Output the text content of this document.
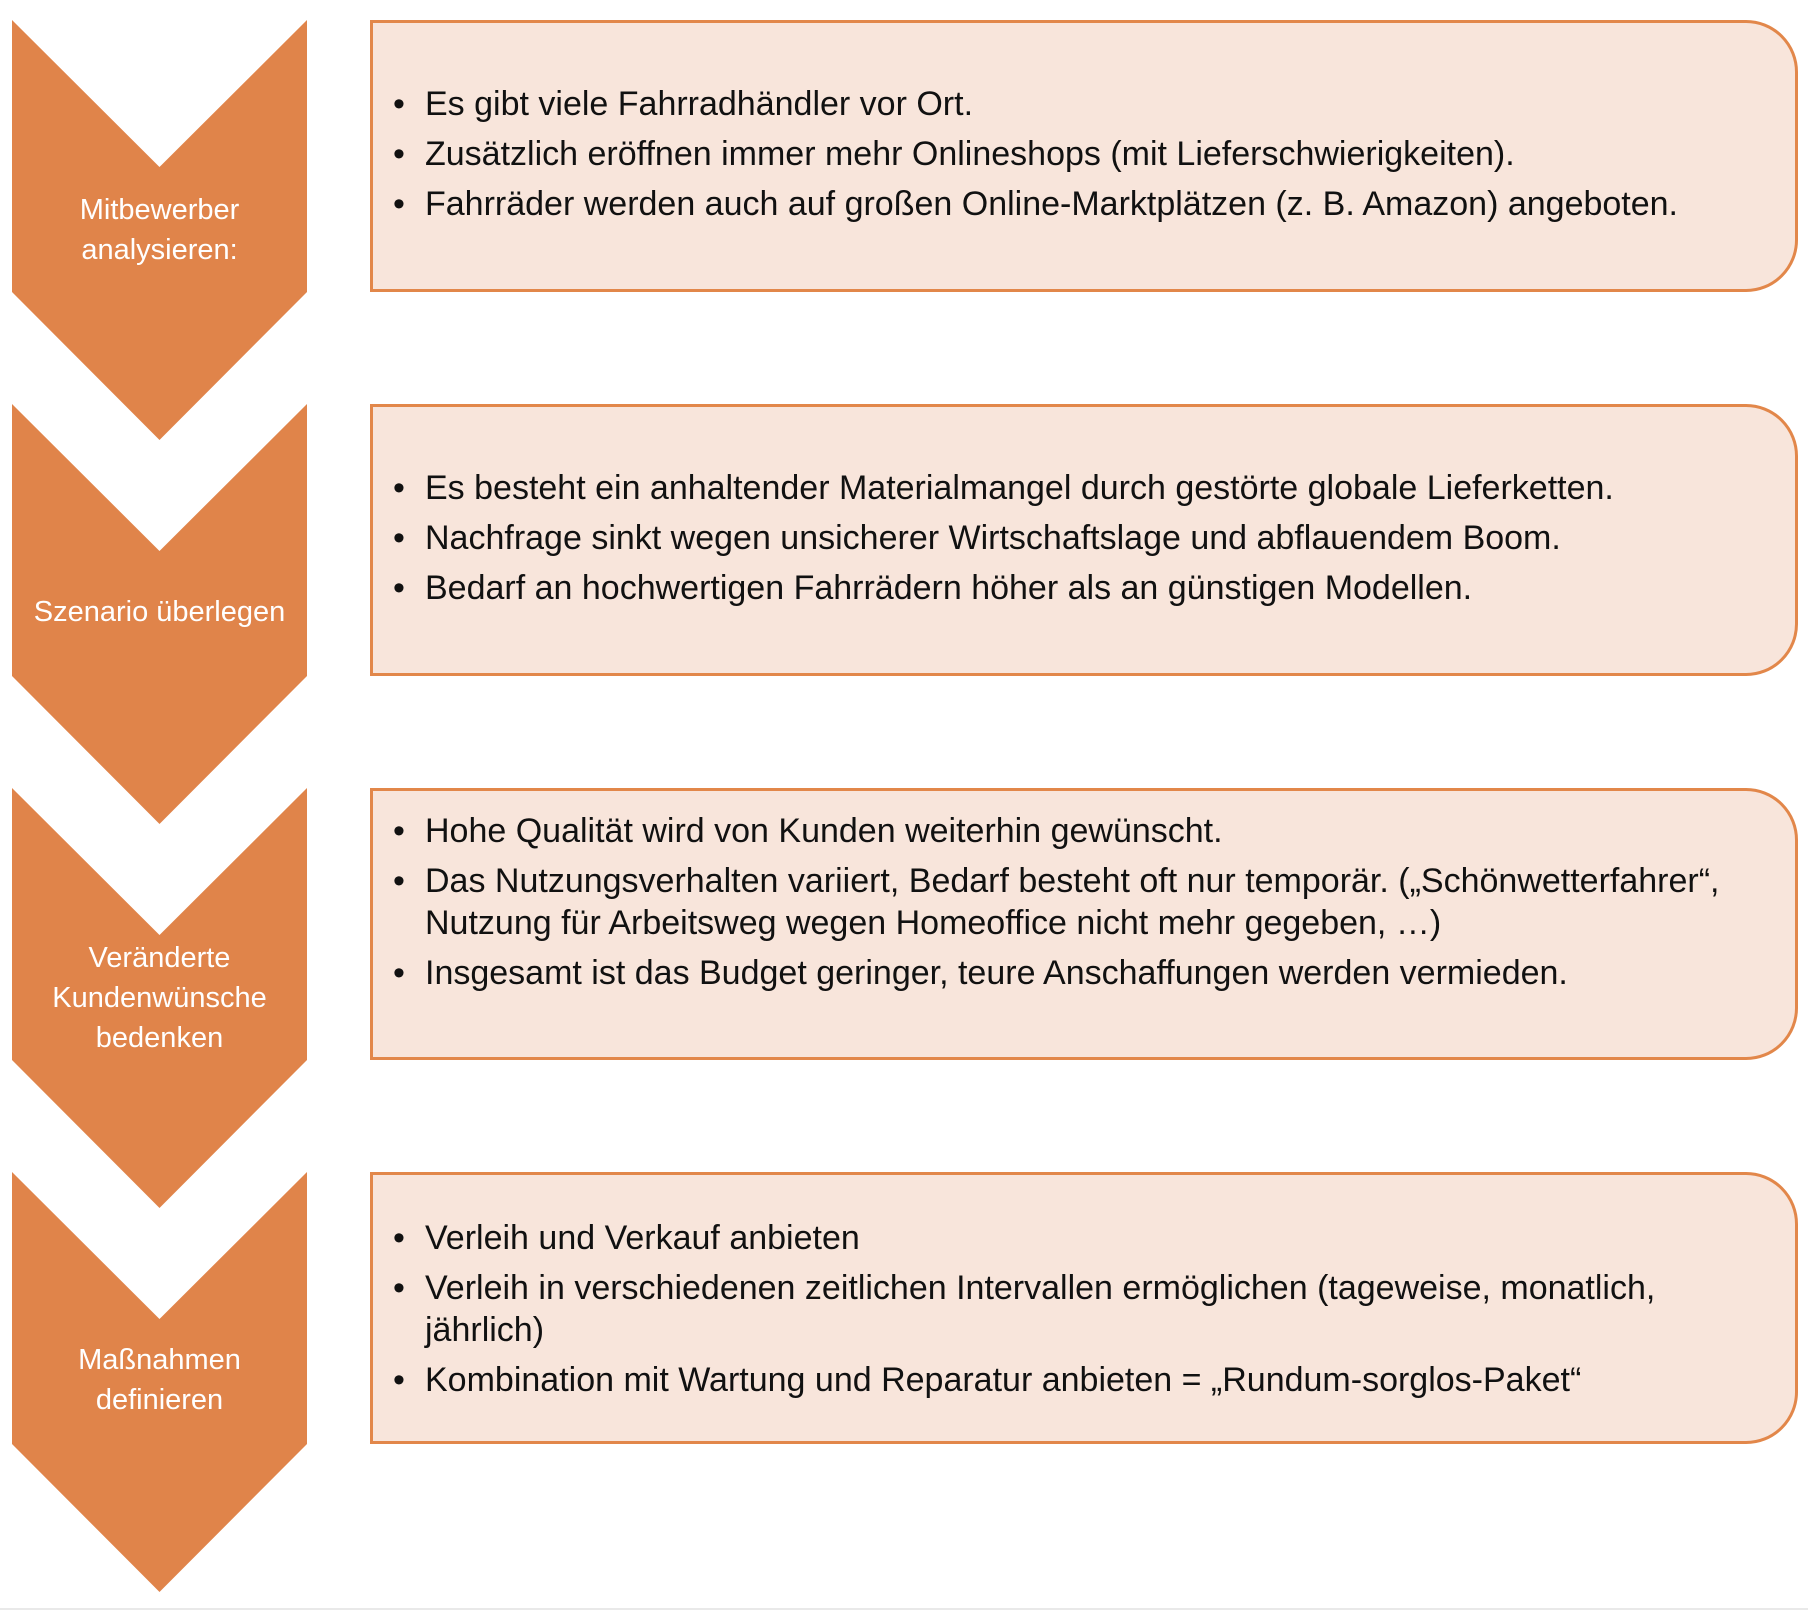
Mitbewerber
analysieren:
• Es gibt viele Fahrradhändler vor Ort.
• Zusätzlich eröffnen immer mehr Onlineshops (mit Lieferschwierigkeiten).
• Fahrräder werden auch auf großen Online-Marktplätzen (z. B. Amazon) angeboten.
Szenario überlegen
• Es besteht ein anhaltender Materialmangel durch gestörte globale Lieferketten.
• Nachfrage sinkt wegen unsicherer Wirtschaftslage und abflauendem Boom.
• Bedarf an hochwertigen Fahrrädern höher als an günstigen Modellen.
Veränderte
Kundenwünsche
bedenken
• Hohe Qualität wird von Kunden weiterhin gewünscht.
• Das Nutzungsverhalten variiert, Bedarf besteht oft nur temporär. („Schönwetterfahrer“, Nutzung für Arbeitsweg wegen Homeoffice nicht mehr gegeben, …)
• Insgesamt ist das Budget geringer, teure Anschaffungen werden vermieden.
Maßnahmen
definieren
• Verleih und Verkauf anbieten
• Verleih in verschiedenen zeitlichen Intervallen ermöglichen (tageweise, monatlich, jährlich)
• Kombination mit Wartung und Reparatur anbieten = „Rundum-sorglos-Paket“
